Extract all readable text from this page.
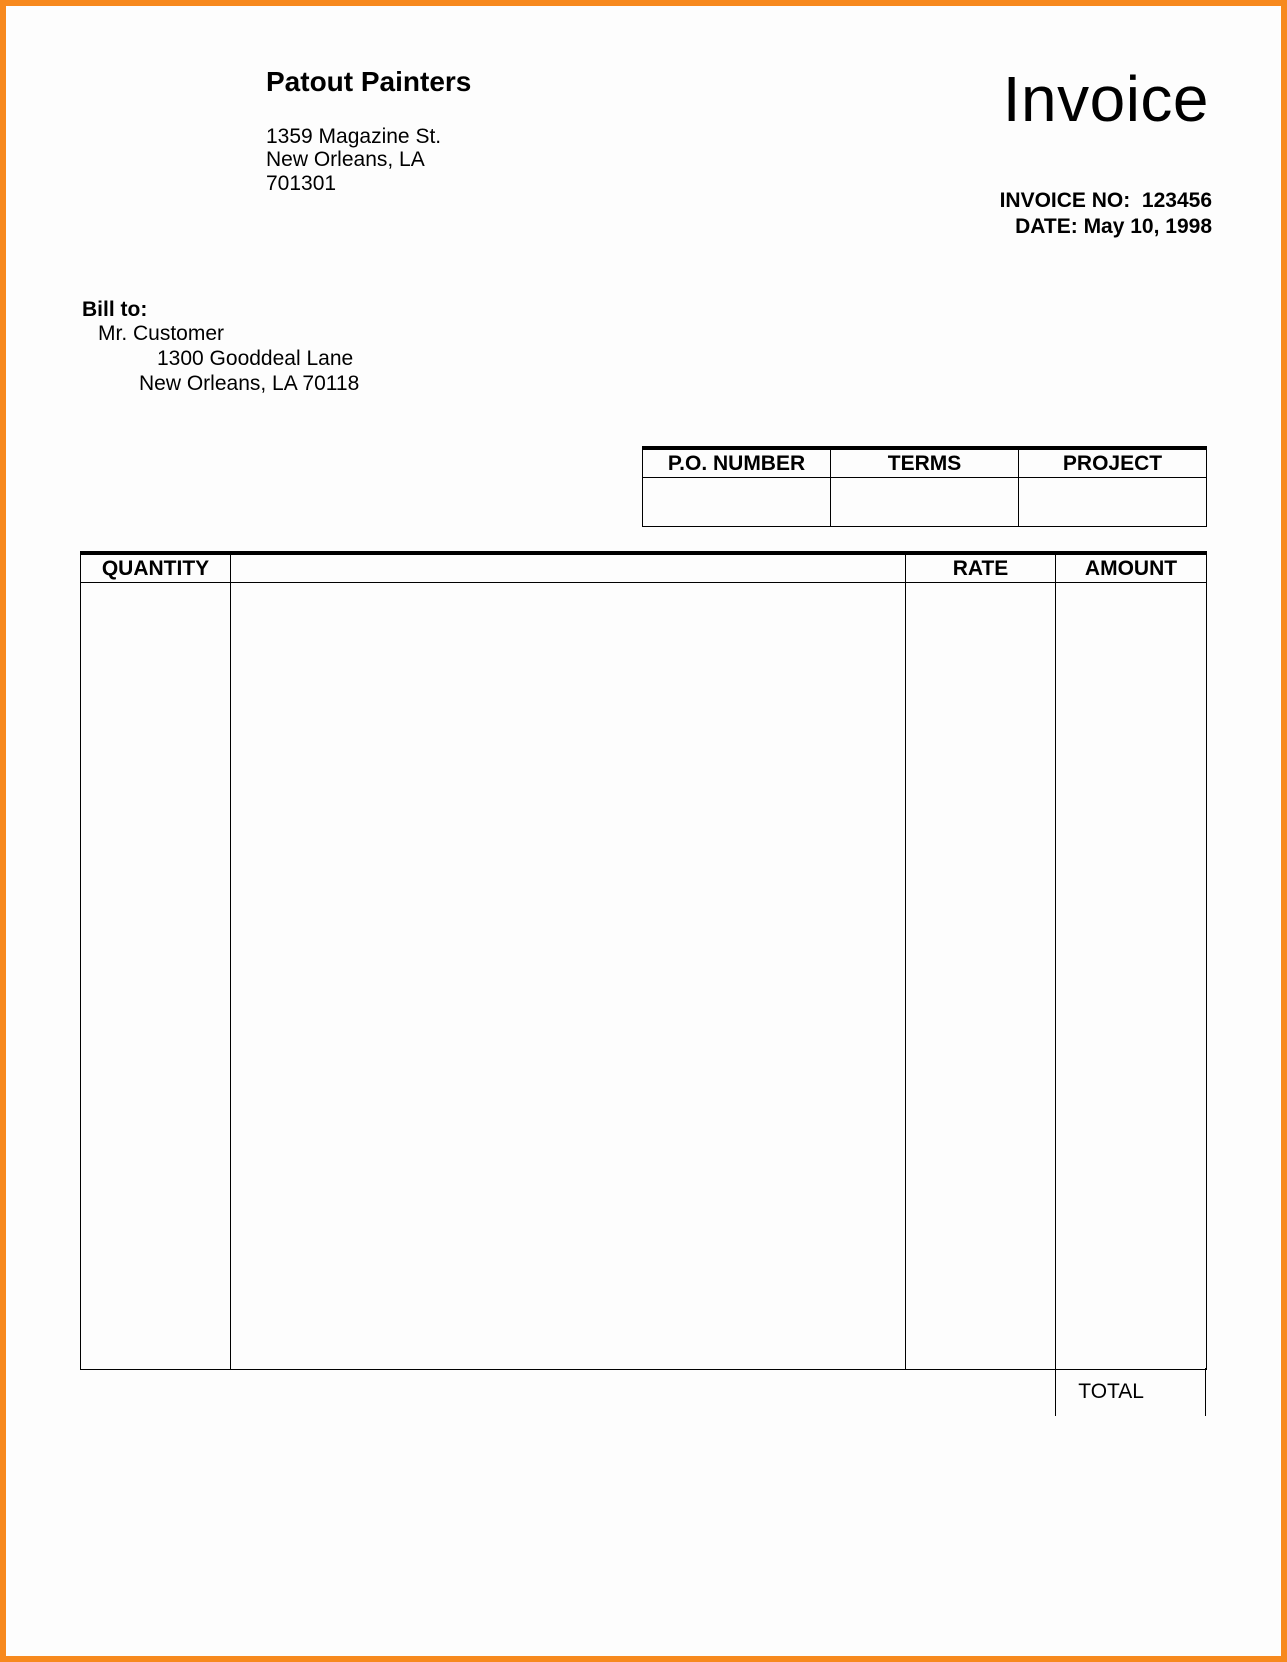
Patout Painters
1359 Magazine St.
New Orleans, LA
701301
Invoice
INVOICE NO: 123456
DATE: May 10, 1998
Bill to:
Mr. Customer
1300 Gooddeal Lane
New Orleans, LA 70118
P.O. NUMBER	TERMS	PROJECT

QUANTITY		RATE	AMOUNT

TOTAL
